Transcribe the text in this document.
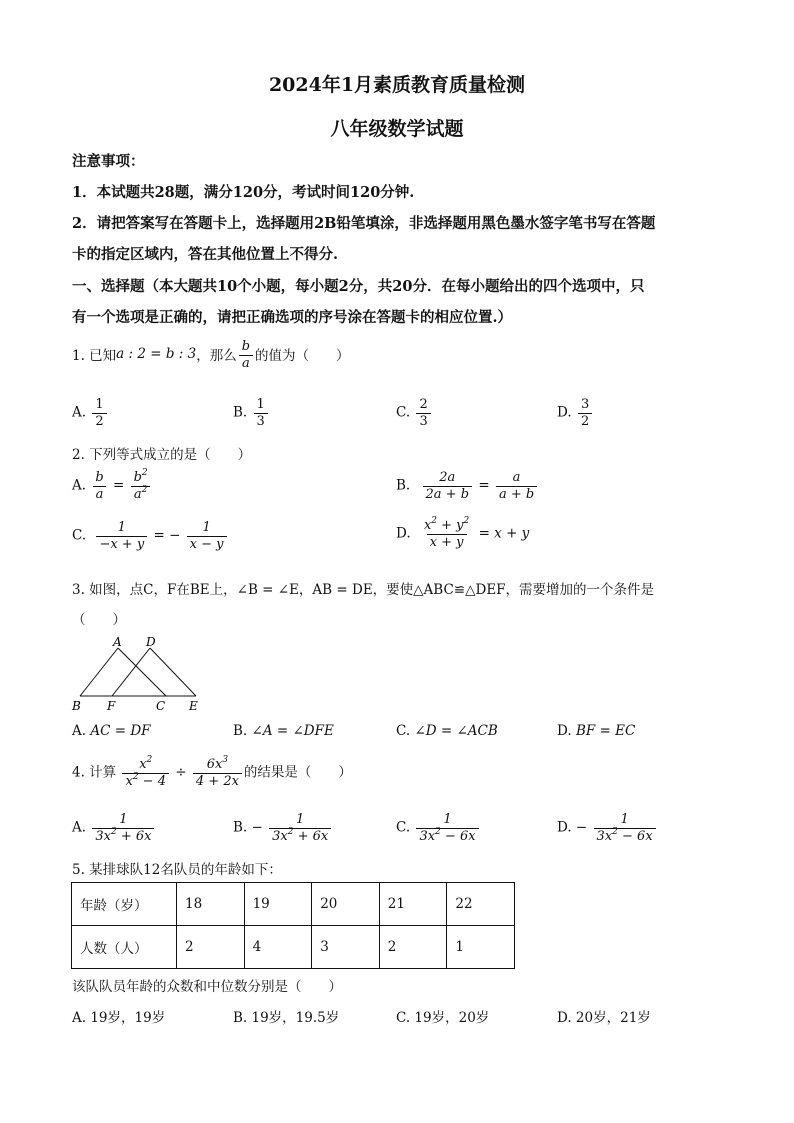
2024年1月素质教育质量检测
八年级数学试题
注意事项：
1．本试题共28题，满分120分，考试时间120分钟.
2．请把答案写在答题卡上，选择题用2B铅笔填涂，非选择题用黑色墨水签字笔书写在答题
卡的指定区域内，答在其他位置上不得分.
一、选择题（本大题共10个小题，每小题2分，共20分．在每小题给出的四个选项中，只
有一个选项是正确的，请把正确选项的序号涂在答题卡的相应位置.）
1. 已知a : 2 = b : 3，那么 $\frac{b}{a}$ 的值为（　　）
A. $\frac{1}{2}$	B. $\frac{1}{3}$	C. $\frac{2}{3}$	D. $\frac{3}{2}$
2. 下列等式成立的是（　　）
A. $\frac{b}{a} = \frac{b^2}{a^2}$	B. $\frac{2a}{2a + b} = \frac{a}{a + b}$
C. $\frac{1}{-x + y}$ = − $\frac{1}{x - y}$	D. $\frac{x^2 + y^2}{x + y} = x + y$
3. 如图，点C，F在BE上，∠B = ∠E，AB = DE，要使△ABC≌△DEF，需要增加的一个条件是
（　　）
A D
B F	C E
A. AC = DF	B. ∠A = ∠DFE	C. ∠D = ∠ACB	D. BF = EC
4. 计算 $\frac{x^2}{x^2 - 4} \div \frac{6x^3}{4 + 2x}$ 的结果是（　　）
A. $\frac{1}{3x^2 + 6x}$	B. − $\frac{1}{3x^2 + 6x}$	C. $\frac{1}{3x^2 - 6x}$	D. − $\frac{1}{3x^2 - 6x}$
5. 某排球队12名队员的年龄如下：
年龄（岁）	18	19	20	21	22
人数（人）	2	4	3	2	1
该队队员年龄的众数和中位数分别是（　　）
A. 19岁，19岁	B. 19岁，19.5岁	C. 19岁，20岁	D. 20岁，21岁
